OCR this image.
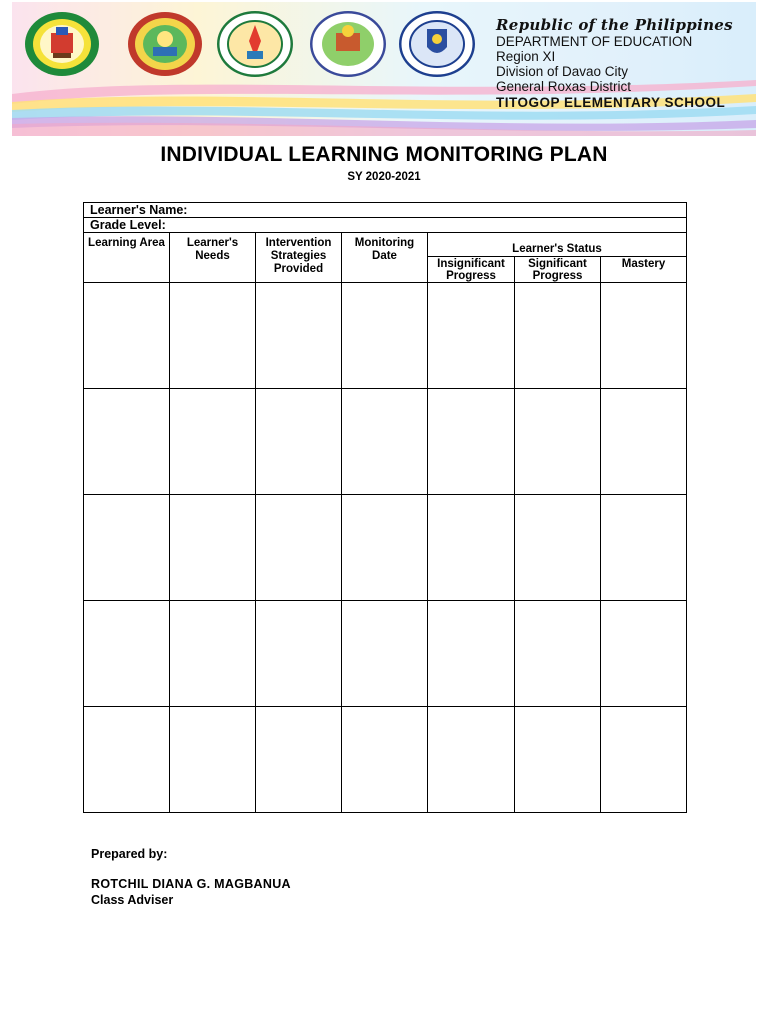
Republic of the Philippines
DEPARTMENT OF EDUCATION
Region XI
Division of Davao City
General Roxas District
TITOGOP ELEMENTARY SCHOOL
INDIVIDUAL LEARNING MONITORING PLAN
SY 2020-2021
Learner's Name:						
Grade Level:						
Learning Area	Learner's Needs	Intervention Strategies Provided	Monitoring Date	Learner's Status		
				Insignificant Progress	Significant Progress	Mastery

Prepared by:
ROTCHIL DIANA G. MAGBANUA
Class Adviser
